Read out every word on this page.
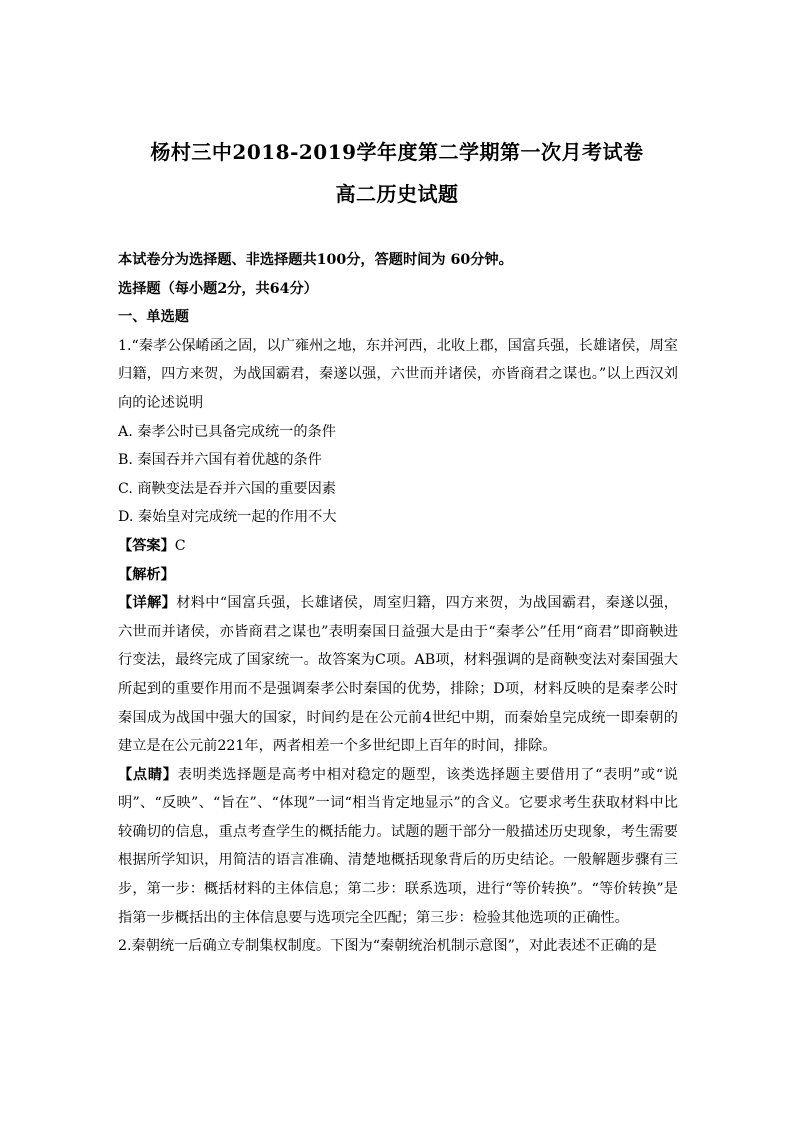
杨村三中2018-2019学年度第二学期第一次月考试卷
高二历史试题

本试卷分为选择题、非选择题共100分，答题时间为 60分钟。

选择题（每小题2分，共64分）

一、单选题

1.“秦孝公保崤函之固，以广雍州之地，东并河西，北收上郡，国富兵强，长雄诸侯，周室归籍，四方来贺，为战国霸君，秦遂以强，六世而并诸侯，亦皆商君之谋也。”以上西汉刘向的论述说明

A. 秦孝公时已具备完成统一的条件

B. 秦国吞并六国有着优越的条件

C. 商鞅变法是吞并六国的重要因素

D. 秦始皇对完成统一起的作用不大

【答案】C

【解析】

【详解】材料中“国富兵强，长雄诸侯，周室归籍，四方来贺，为战国霸君，秦遂以强，六世而并诸侯，亦皆商君之谋也”表明秦国日益强大是由于“秦孝公”任用“商君”即商鞅进行变法，最终完成了国家统一。故答案为C项。AB项，材料强调的是商鞅变法对秦国强大所起到的重要作用而不是强调秦孝公时秦国的优势，排除；D项，材料反映的是秦孝公时秦国成为战国中强大的国家，时间约是在公元前4世纪中期，而秦始皇完成统一即秦朝的建立是在公元前221年，两者相差一个多世纪即上百年的时间，排除。

【点睛】表明类选择题是高考中相对稳定的题型，该类选择题主要借用了“表明”或“说明”、“反映”、“旨在”、“体现”一词“相当肯定地显示”的含义。它要求考生获取材料中比较确切的信息，重点考查学生的概括能力。试题的题干部分一般描述历史现象，考生需要根据所学知识，用简洁的语言准确、清楚地概括现象背后的历史结论。一般解题步骤有三步，第一步：概括材料的主体信息；第二步：联系选项，进行“等价转换”。“等价转换”是指第一步概括出的主体信息要与选项完全匹配；第三步：检验其他选项的正确性。

2.秦朝统一后确立专制集权制度。下图为“秦朝统治机制示意图”，对此表述不正确的是
